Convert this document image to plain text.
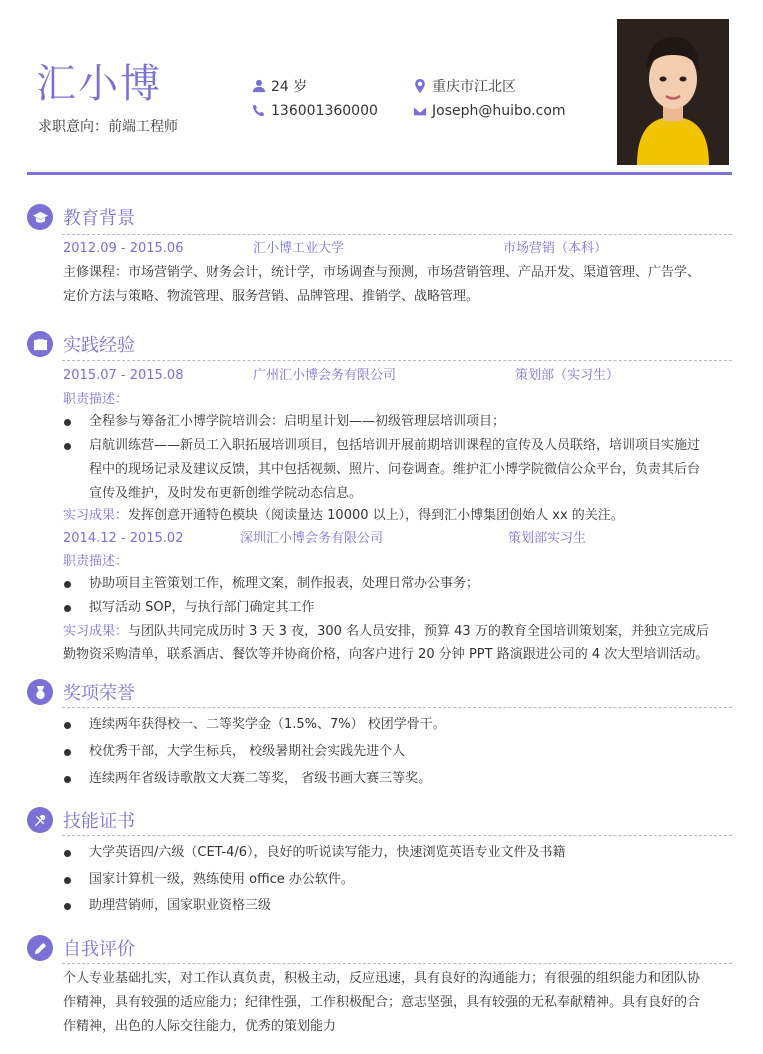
汇小博
求职意向：前端工程师
24 岁	重庆市江北区
136001360000	Joseph@huibo.com
教育背景
2012.09 - 2015.06	汇小博工业大学	市场营销（本科）
主修课程：市场营销学、财务会计，统计学，市场调查与预测，市场营销管理、产品开发、渠道管理、广告学、
定价方法与策略、物流管理、服务营销、品牌管理、推销学、战略管理。
实践经验
2015.07 - 2015.08	广州汇小博会务有限公司	策划部（实习生）
职责描述：
全程参与筹备汇小博学院培训会：启明星计划——初级管理层培训项目；
启航训练营——新员工入职拓展培训项目，包括培训开展前期培训课程的宣传及人员联络，培训项目实施过
程中的现场记录及建议反馈，其中包括视频、照片、问卷调查。维护汇小博学院微信公众平台，负责其后台
宣传及维护，及时发布更新创维学院动态信息。
实习成果：发挥创意开通特色模块（阅读量达 10000 以上），得到汇小博集团创始人 xx 的关注。
2014.12 - 2015.02	深圳汇小博会务有限公司	策划部实习生
职责描述：
协助项目主管策划工作，梳理文案，制作报表，处理日常办公事务；
拟写活动 SOP，与执行部门确定其工作
实习成果：与团队共同完成历时 3 天 3 夜，300 名人员安排，预算 43 万的教育全国培训策划案，并独立完成后
勤物资采购清单，联系酒店、餐饮等并协商价格，向客户进行 20 分钟 PPT 路演跟进公司的 4 次大型培训活动。
奖项荣誉
连续两年获得校一、二等奖学金（1.5%、7%） 校团学骨干。
校优秀干部，大学生标兵， 校级暑期社会实践先进个人
连续两年省级诗歌散文大赛二等奖， 省级书画大赛三等奖。
技能证书
大学英语四/六级（CET-4/6），良好的听说读写能力，快速浏览英语专业文件及书籍
国家计算机一级，熟练使用 office 办公软件。
助理营销师，国家职业资格三级
自我评价
个人专业基础扎实，对工作认真负责，积极主动，反应迅速，具有良好的沟通能力；有很强的组织能力和团队协
作精神，具有较强的适应能力；纪律性强，工作积极配合；意志坚强，具有较强的无私奉献精神。具有良好的合
作精神，出色的人际交往能力，优秀的策划能力
